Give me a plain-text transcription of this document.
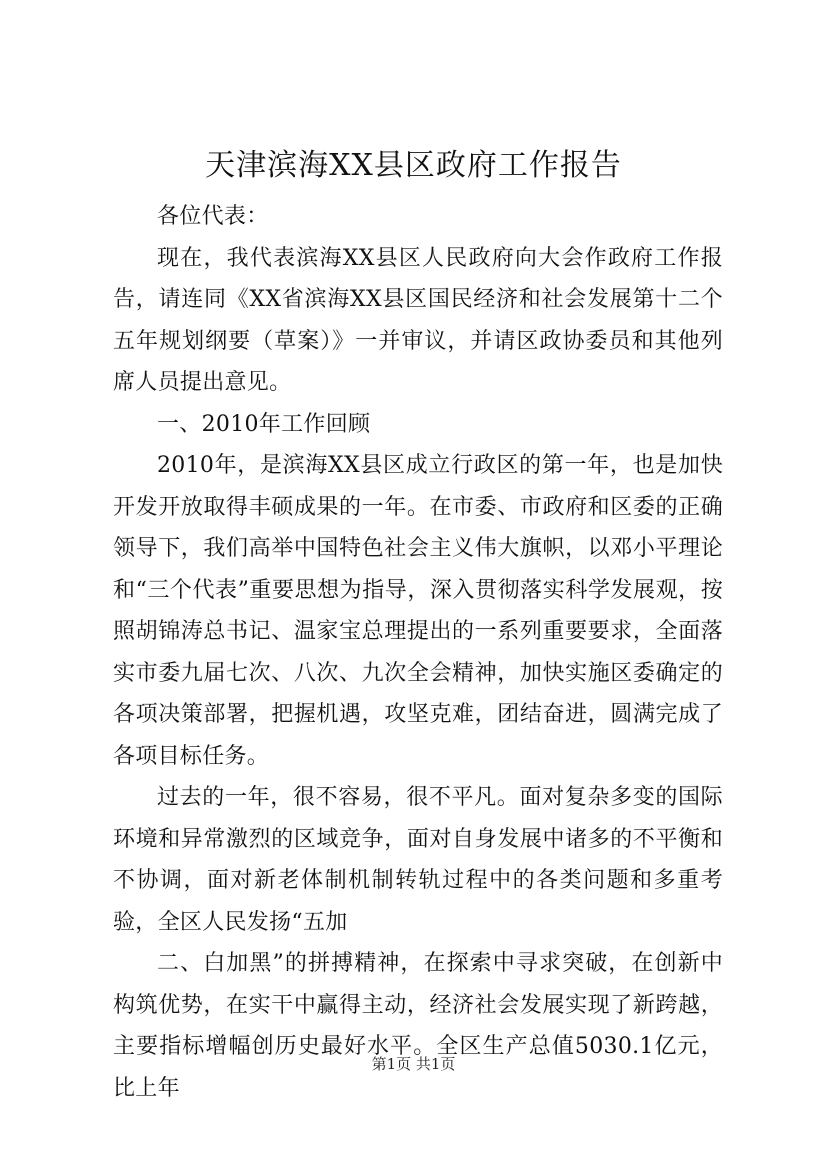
天津滨海XX县区政府工作报告

各位代表：

现在，我代表滨海XX县区人民政府向大会作政府工作报告，请连同《XX省滨海XX县区国民经济和社会发展第十二个五年规划纲要（草案）》一并审议，并请区政协委员和其他列席人员提出意见。

一、2010年工作回顾

2010年，是滨海XX县区成立行政区的第一年，也是加快开发开放取得丰硕成果的一年。在市委、市政府和区委的正确领导下，我们高举中国特色社会主义伟大旗帜，以邓小平理论和“三个代表”重要思想为指导，深入贯彻落实科学发展观，按照胡锦涛总书记、温家宝总理提出的一系列重要要求，全面落实市委九届七次、八次、九次全会精神，加快实施区委确定的各项决策部署，把握机遇，攻坚克难，团结奋进，圆满完成了各项目标任务。

过去的一年，很不容易，很不平凡。面对复杂多变的国际环境和异常激烈的区域竞争，面对自身发展中诸多的不平衡和不协调，面对新老体制机制转轨过程中的各类问题和多重考验，全区人民发扬“五加

二、白加黑”的拼搏精神，在探索中寻求突破，在创新中构筑优势，在实干中赢得主动，经济社会发展实现了新跨越，主要指标增幅创历史最好水平。全区生产总值5030.1亿元，比上年

第1页 共1页
